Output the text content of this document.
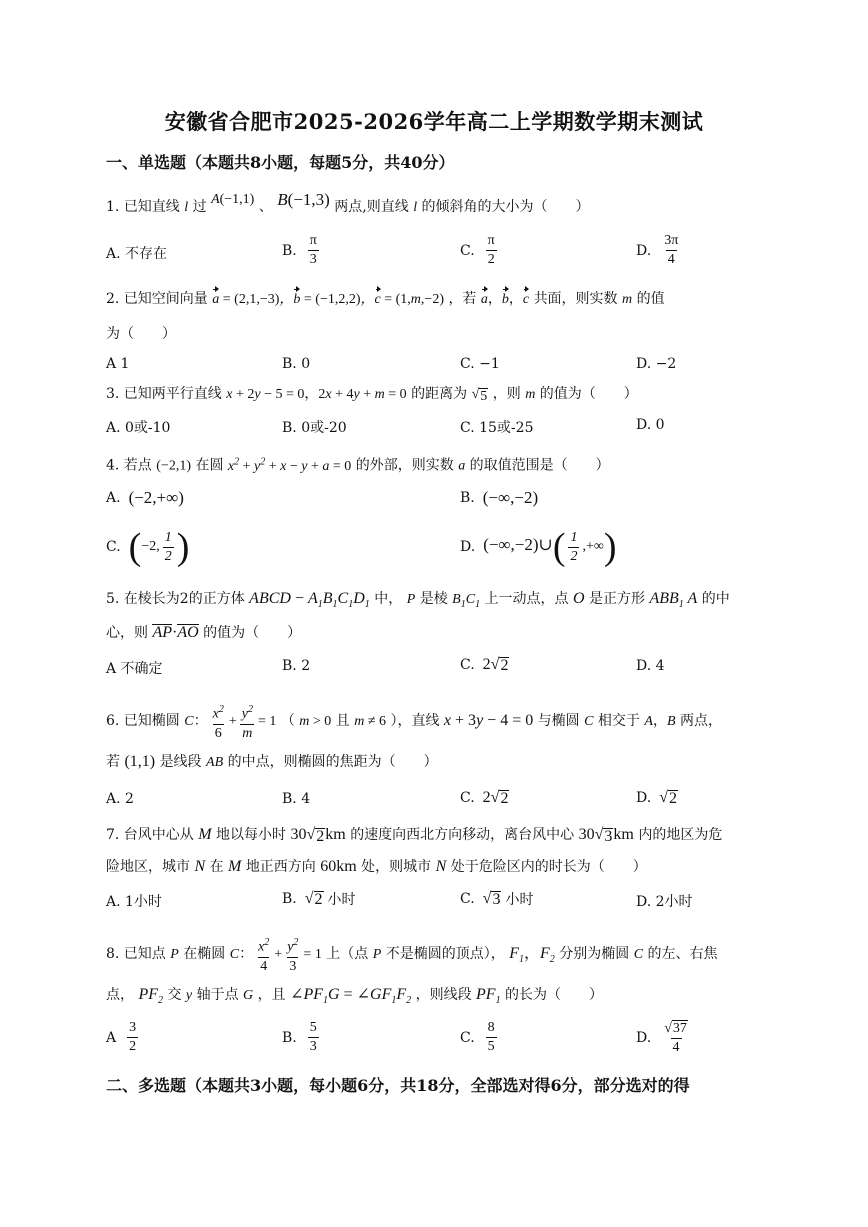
安徽省合肥市2025-2026学年高二上学期数学期末测试
一、单选题（本题共8小题，每题5分，共40分）
1. 已知直线 l 过 A(−1,1) 、 B(−1,3) 两点,则直线 l 的倾斜角的大小为（　　）
A. 不存在	B. $\frac{\pi}{3}$	C. $\frac{\pi}{2}$	D. $\frac{3\pi}{4}$
2. 已知空间向量 a = (2,1,−3)，b = (−1,2,2)，c = (1,m,−2) ，若 a，b，c 共面，则实数 m 的值
为（　　）
A 1	B. 0	C. −1	D. −2
3. 已知两平行直线 x + 2y − 5 = 0，2x + 4y + m = 0 的距离为 √ 5 ，则 m 的值为（　　）
A. 0或-10	B. 0或-20	C. 15或-25	D. 0
4. 若点 (−2,1) 在圆 $x^2 + y^2 + x - y + a = 0$ 的外部，则实数 a 的取值范围是（　　）
A. (−2,+∞)	B. (−∞,−2)
C. (−2, $\frac{1}{2}$ )	D. (−∞,−2)∪( $\frac{1}{2}$ ,+∞)
5. 在棱长为2的正方体 ABCD − $A_1B_1C_1D_1$ 中， P 是棱 $B_1C_1$ 上一动点，点 O 是正方形 $ABB_1$ A 的中
心，则 AP·AO 的值为（　　）
A 不确定	B. 2	C. 2√ 2	D. 4
6. 已知椭圆 C： $\frac{x^2}{6} + \frac{y^2}{m} = 1$ （ m > 0 且 m ≠ 6 ），直线 x + 3y − 4 = 0 与椭圆 C 相交于 A，B 两点，
若 (1,1) 是线段 AB 的中点，则椭圆的焦距为（　　）
A. 2	B. 4	C. 2√ 2	D. √ 2
7. 台风中心从 M 地以每小时 30√ 2 km 的速度向西北方向移动，离台风中心 30√ 3 km 内的地区为危
险地区，城市 N 在 M 地正西方向 60km 处，则城市 N 处于危险区内的时长为（　　）
A. 1小时	B. √ 2 小时	C. √ 3 小时	D. 2小时
8. 已知点 P 在椭圆 C： $\frac{x^2}{4} + \frac{y^2}{3} = 1$ 上（点 P 不是椭圆的顶点）， $F_1$，$F_2$ 分别为椭圆 C 的左、右焦
点， $PF_2$ 交 y 轴于点 G ，且 $\angle PF_1G$ = $\angle GF_1F_2$ ，则线段 $PF_1$ 的长为（　　）
A $\frac{3}{2}$	B. $\frac{5}{3}$	C. $\frac{8}{5}$	D. $\frac{√ 37}{4}$
二、多选题（本题共3小题，每小题6分，共18分，全部选对得6分，部分选对的得
